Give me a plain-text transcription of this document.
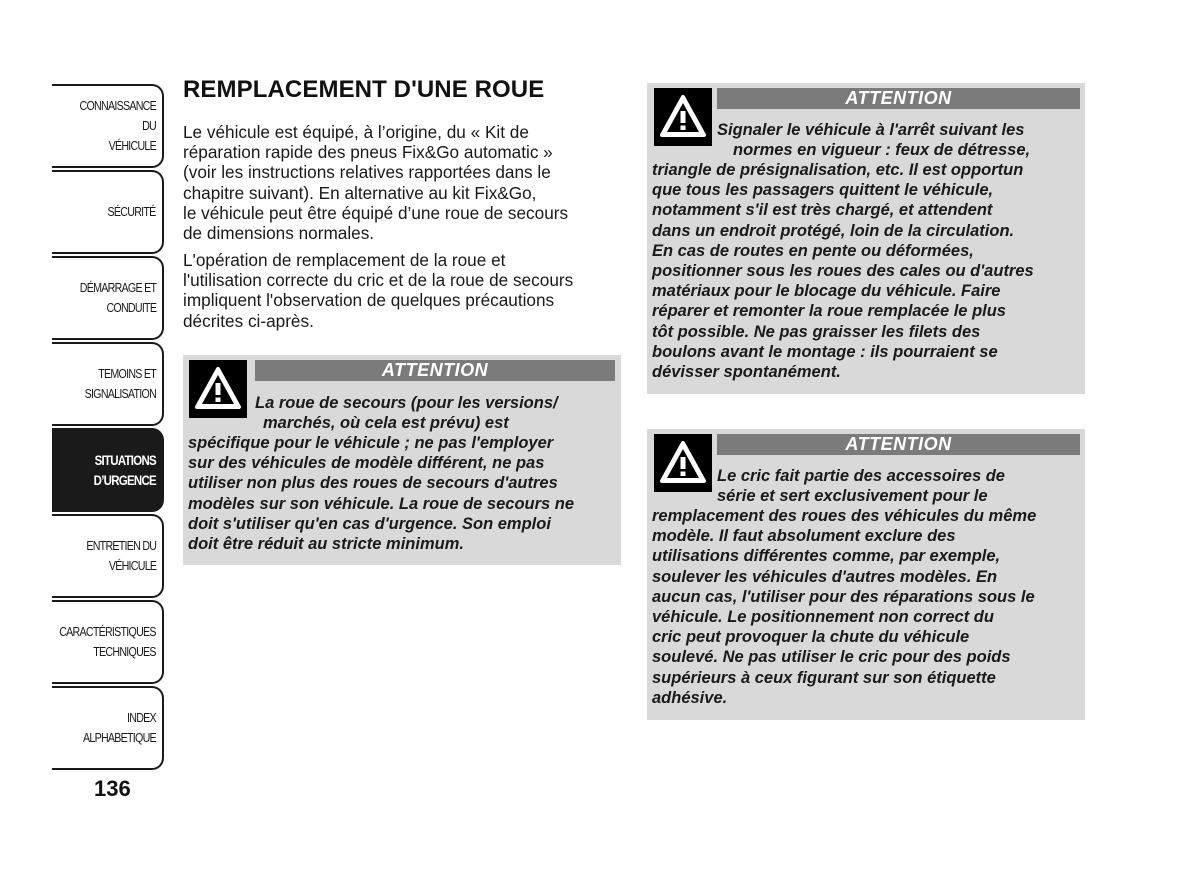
CONNAISSANCE DU
VÉHICULE
SÉCURITÉ
DÉMARRAGE ET
CONDUITE
TEMOINS ET
SIGNALISATION
SITUATIONS
D’URGENCE
ENTRETIEN DU
VÉHICULE
CARACTÉRISTIQUES
TECHNIQUES
INDEX
ALPHABETIQUE
136
REMPLACEMENT D'UNE ROUE

Le véhicule est équipé, à l’origine, du « Kit de
réparation rapide des pneus Fix&Go automatic »
(voir les instructions relatives rapportées dans le
chapitre suivant). En alternative au kit Fix&Go,
le véhicule peut être équipé d’une roue de secours
de dimensions normales.

L'opération de remplacement de la roue et
l'utilisation correcte du cric et de la roue de secours
impliquent l'observation de quelques précautions
décrites ci-après.

ATTENTION
La roue de secours (pour les versions/
marchés, où cela est prévu) est
spécifique pour le véhicule ; ne pas l'employer
sur des véhicules de modèle différent, ne pas
utiliser non plus des roues de secours d'autres
modèles sur son véhicule. La roue de secours ne
doit s'utiliser qu'en cas d'urgence. Son emploi
doit être réduit au stricte minimum.
ATTENTION
Signaler le véhicule à l'arrêt suivant les
normes en vigueur : feux de détresse,
triangle de présignalisation, etc. Il est opportun
que tous les passagers quittent le véhicule,
notamment s'il est très chargé, et attendent
dans un endroit protégé, loin de la circulation.
En cas de routes en pente ou déformées,
positionner sous les roues des cales ou d'autres
matériaux pour le blocage du véhicule. Faire
réparer et remonter la roue remplacée le plus
tôt possible. Ne pas graisser les filets des
boulons avant le montage : ils pourraient se
dévisser spontanément.
ATTENTION
Le cric fait partie des accessoires de
série et sert exclusivement pour le
remplacement des roues des véhicules du même
modèle. Il faut absolument exclure des
utilisations différentes comme, par exemple,
soulever les véhicules d'autres modèles. En
aucun cas, l'utiliser pour des réparations sous le
véhicule. Le positionnement non correct du
cric peut provoquer la chute du véhicule
soulevé. Ne pas utiliser le cric pour des poids
supérieurs à ceux figurant sur son étiquette
adhésive.
